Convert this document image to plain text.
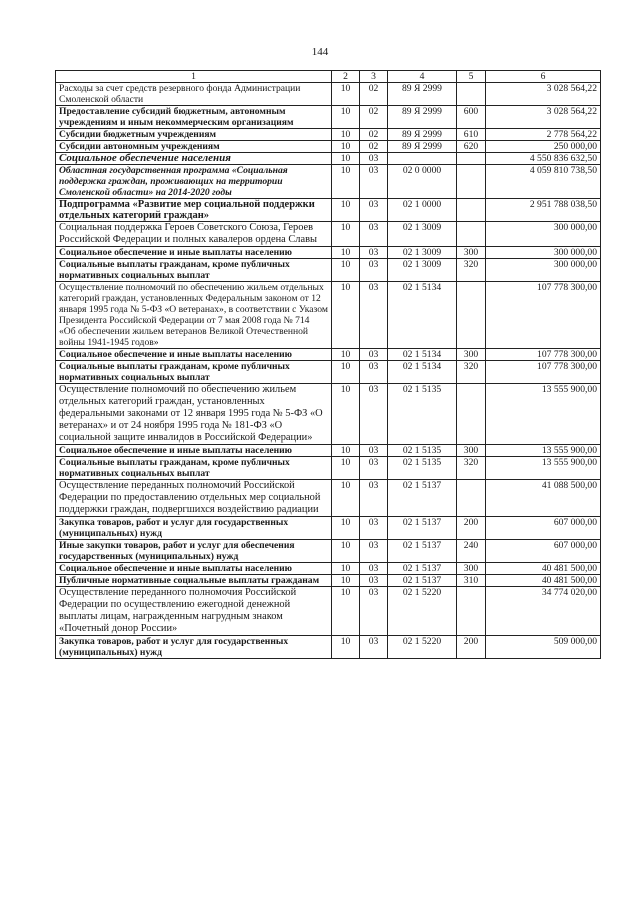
144
1	2	3	4	5	6
Расходы за счет средств резервного фонда Администрации Смоленской области	10	02	89 Я 2999		3 028 564,22
Предоставление субсидий бюджетным, автономным учреждениям и иным некоммерческим организациям	10	02	89 Я 2999	600	3 028 564,22
Субсидии бюджетным учреждениям	10	02	89 Я 2999	610	2 778 564,22
Субсидии автономным учреждениям	10	02	89 Я 2999	620	250 000,00
Социальное обеспечение населения	10	03			4 550 836 632,50
Областная государственная программа «Социальная поддержка граждан, проживающих на территории Смоленской области» на 2014-2020 годы	10	03	02 0 0000		4 059 810 738,50
Подпрограмма «Развитие мер социальной поддержки отдельных категорий граждан»	10	03	02 1 0000		2 951 788 038,50
Социальная поддержка Героев Советского Союза, Героев Российской Федерации и полных кавалеров ордена Славы	10	03	02 1 3009		300 000,00
Социальное обеспечение и иные выплаты населению	10	03	02 1 3009	300	300 000,00
Социальные выплаты гражданам, кроме публичных нормативных социальных выплат	10	03	02 1 3009	320	300 000,00
Осуществление полномочий по обеспечению жильем отдельных категорий граждан, установленных Федеральным законом от 12 января 1995 года № 5-ФЗ «О ветеранах», в соответствии с Указом Президента Российской Федерации от 7 мая 2008 года № 714 «Об обеспечении жильем ветеранов Великой Отечественной войны 1941-1945 годов»	10	03	02 1 5134		107 778 300,00
Социальное обеспечение и иные выплаты населению	10	03	02 1 5134	300	107 778 300,00
Социальные выплаты гражданам, кроме публичных нормативных социальных выплат	10	03	02 1 5134	320	107 778 300,00
Осуществление полномочий по обеспечению жильем отдельных категорий граждан, установленных федеральными законами от 12 января 1995 года № 5-ФЗ «О ветеранах» и от 24 ноября 1995 года № 181-ФЗ «О социальной защите инвалидов в Российской Федерации»	10	03	02 1 5135		13 555 900,00
Социальное обеспечение и иные выплаты населению	10	03	02 1 5135	300	13 555 900,00
Социальные выплаты гражданам, кроме публичных нормативных социальных выплат	10	03	02 1 5135	320	13 555 900,00
Осуществление переданных полномочий Российской Федерации по предоставлению отдельных мер социальной поддержки граждан, подвергшихся воздействию радиации	10	03	02 1 5137		41 088 500,00
Закупка товаров, работ и услуг для государственных (муниципальных) нужд	10	03	02 1 5137	200	607 000,00
Иные закупки товаров, работ и услуг для обеспечения государственных (муниципальных) нужд	10	03	02 1 5137	240	607 000,00
Социальное обеспечение и иные выплаты населению	10	03	02 1 5137	300	40 481 500,00
Публичные нормативные социальные выплаты гражданам	10	03	02 1 5137	310	40 481 500,00
Осуществление переданного полномочия Российской Федерации по осуществлению ежегодной денежной выплаты лицам, награжденным нагрудным знаком «Почетный донор России»	10	03	02 1 5220		34 774 020,00
Закупка товаров, работ и услуг для государственных (муниципальных) нужд	10	03	02 1 5220	200	509 000,00
